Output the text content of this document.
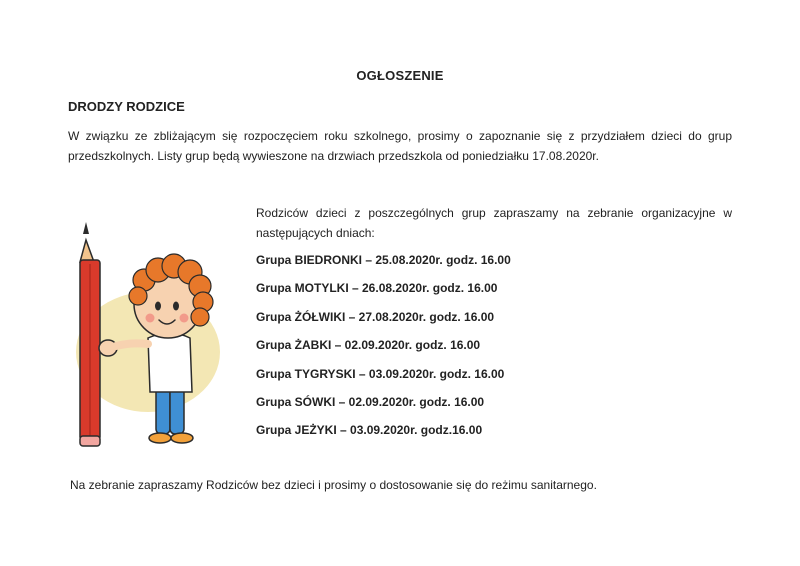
OGŁOSZENIE
DRODZY RODZICE
W związku ze zbliżającym się rozpoczęciem roku szkolnego, prosimy o zapoznanie się z przydziałem dzieci do grup przedszkolnych. Listy grup będą wywieszone na drzwiach przedszkola od poniedziałku 17.08.2020r.
Rodziców dzieci z poszczególnych grup zapraszamy na zebranie organizacyjne w następujących dniach:
Grupa BIEDRONKI – 25.08.2020r. godz. 16.00
Grupa MOTYLKI – 26.08.2020r. godz. 16.00
Grupa ŻÓŁWIKI – 27.08.2020r. godz. 16.00
Grupa ŻABKI – 02.09.2020r. godz. 16.00
Grupa TYGRYSKI – 03.09.2020r. godz. 16.00
Grupa SÓWKI – 02.09.2020r. godz. 16.00
Grupa JEŻYKI – 03.09.2020r. godz.16.00
Na zebranie zapraszamy Rodziców bez dzieci i prosimy o dostosowanie się do reżimu sanitarnego.
